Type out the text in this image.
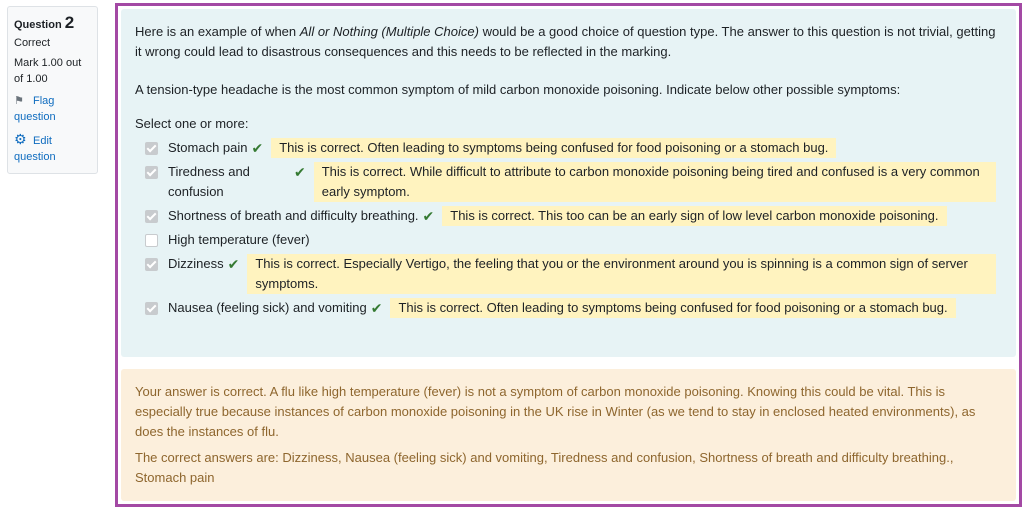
Question 2
Correct
Mark 1.00 out of 1.00
⚑ Flag question
⚙ Edit question

Here is an example of when All or Nothing (Multiple Choice) would be a good choice of question type. The answer to this question is not trivial, getting it wrong could lead to disastrous consequences and this needs to be reflected in the marking.

A tension-type headache is the most common symptom of mild carbon monoxide poisoning. Indicate below other possible symptoms:

Select one or more:

Stomach pain ✔	This is correct. Often leading to symptoms being confused for food poisoning or a stomach bug.
Tiredness and confusion
✔	This is correct. While difficult to attribute to carbon monoxide poisoning being tired and confused is a very common early symptom.
Shortness of breath and difficulty breathing. ✔	This is correct. This too can be an early sign of low level carbon monoxide poisoning.
High temperature (fever)
Dizziness ✔	This is correct. Especially Vertigo, the feeling that you or the environment around you is spinning is a common sign of server symptoms.
Nausea (feeling sick) and vomiting ✔	This is correct. Often leading to symptoms being confused for food poisoning or a stomach bug.

Your answer is correct. A flu like high temperature (fever) is not a symptom of carbon monoxide poisoning. Knowing this could be vital. This is especially true because instances of carbon monoxide poisoning in the UK rise in Winter (as we tend to stay in enclosed heated environments), as does the instances of flu.

The correct answers are: Dizziness, Nausea (feeling sick) and vomiting, Tiredness and confusion, Shortness of breath and difficulty breathing., Stomach pain
